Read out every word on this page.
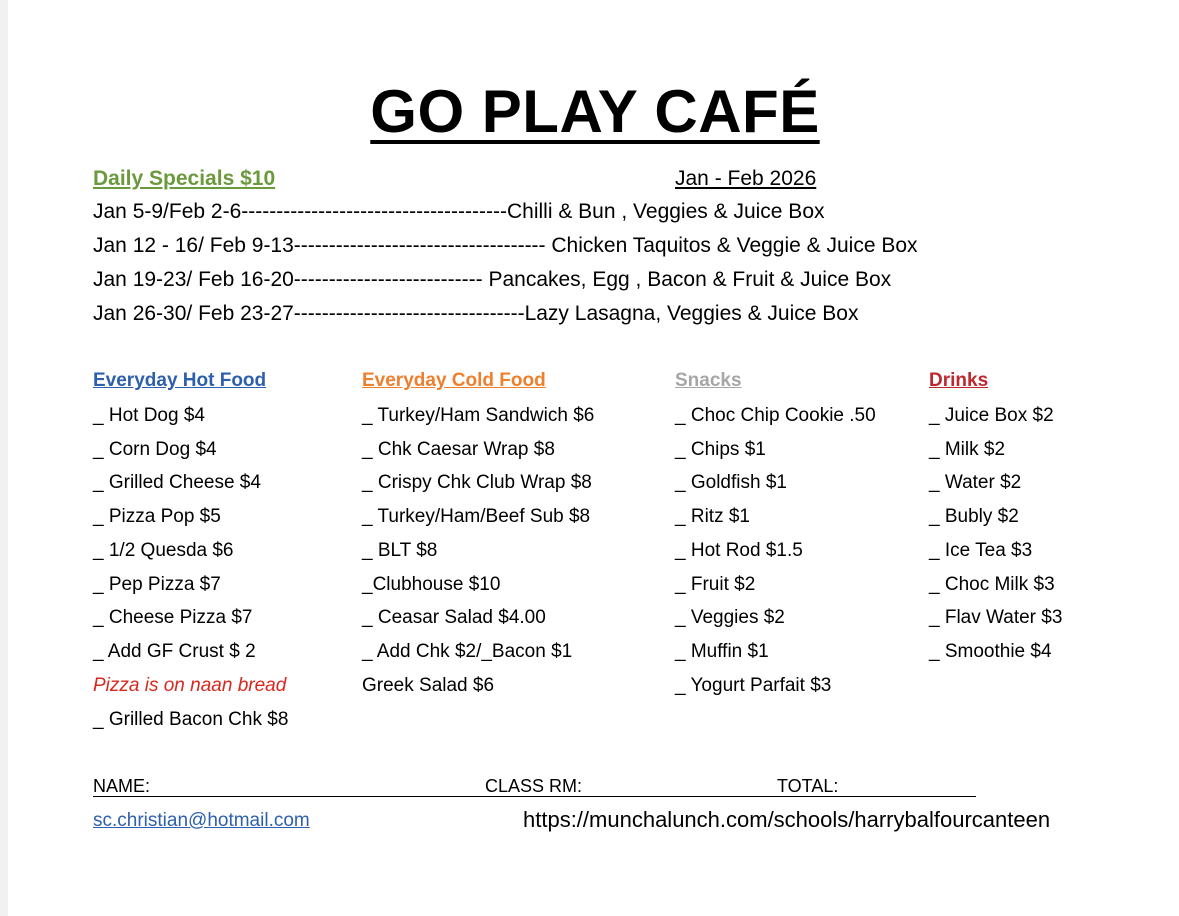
GO PLAY CAFÉ
Daily Specials $10	Jan - Feb 2026
Jan 5-9/Feb 2-6--------------------------------------Chilli & Bun , Veggies & Juice Box
Jan 12 - 16/ Feb 9-13------------------------------------ Chicken Taquitos & Veggie & Juice Box
Jan 19-23/ Feb 16-20--------------------------- Pancakes, Egg , Bacon & Fruit & Juice Box
Jan 26-30/ Feb 23-27---------------------------------Lazy Lasagna, Veggies & Juice Box
Everyday Hot Food
_ Hot Dog $4
_ Corn Dog $4
_ Grilled Cheese $4
_ Pizza Pop $5
_ 1/2 Quesda $6
_ Pep Pizza $7
_ Cheese Pizza $7
_ Add GF Crust $ 2
Pizza is on naan bread
_ Grilled Bacon Chk $8
Everyday Cold Food
_ Turkey/Ham Sandwich $6
_ Chk Caesar Wrap $8
_ Crispy Chk Club Wrap $8
_ Turkey/Ham/Beef Sub $8
_ BLT $8
_Clubhouse $10
_ Ceasar Salad $4.00
_ Add Chk $2/_Bacon $1
Greek Salad $6
Snacks
_ Choc Chip Cookie .50
_ Chips $1
_ Goldfish $1
_ Ritz $1
_ Hot Rod $1.5
_ Fruit $2
_ Veggies $2
_ Muffin $1
_ Yogurt Parfait $3
Drinks
_ Juice Box $2
_ Milk $2
_ Water $2
_ Bubly $2
_ Ice Tea $3
_ Choc Milk $3
_ Flav Water $3
_ Smoothie $4
NAME:	CLASS RM:	TOTAL:
sc.christian@hotmail.com	https://munchalunch.com/schools/harrybalfourcanteen
